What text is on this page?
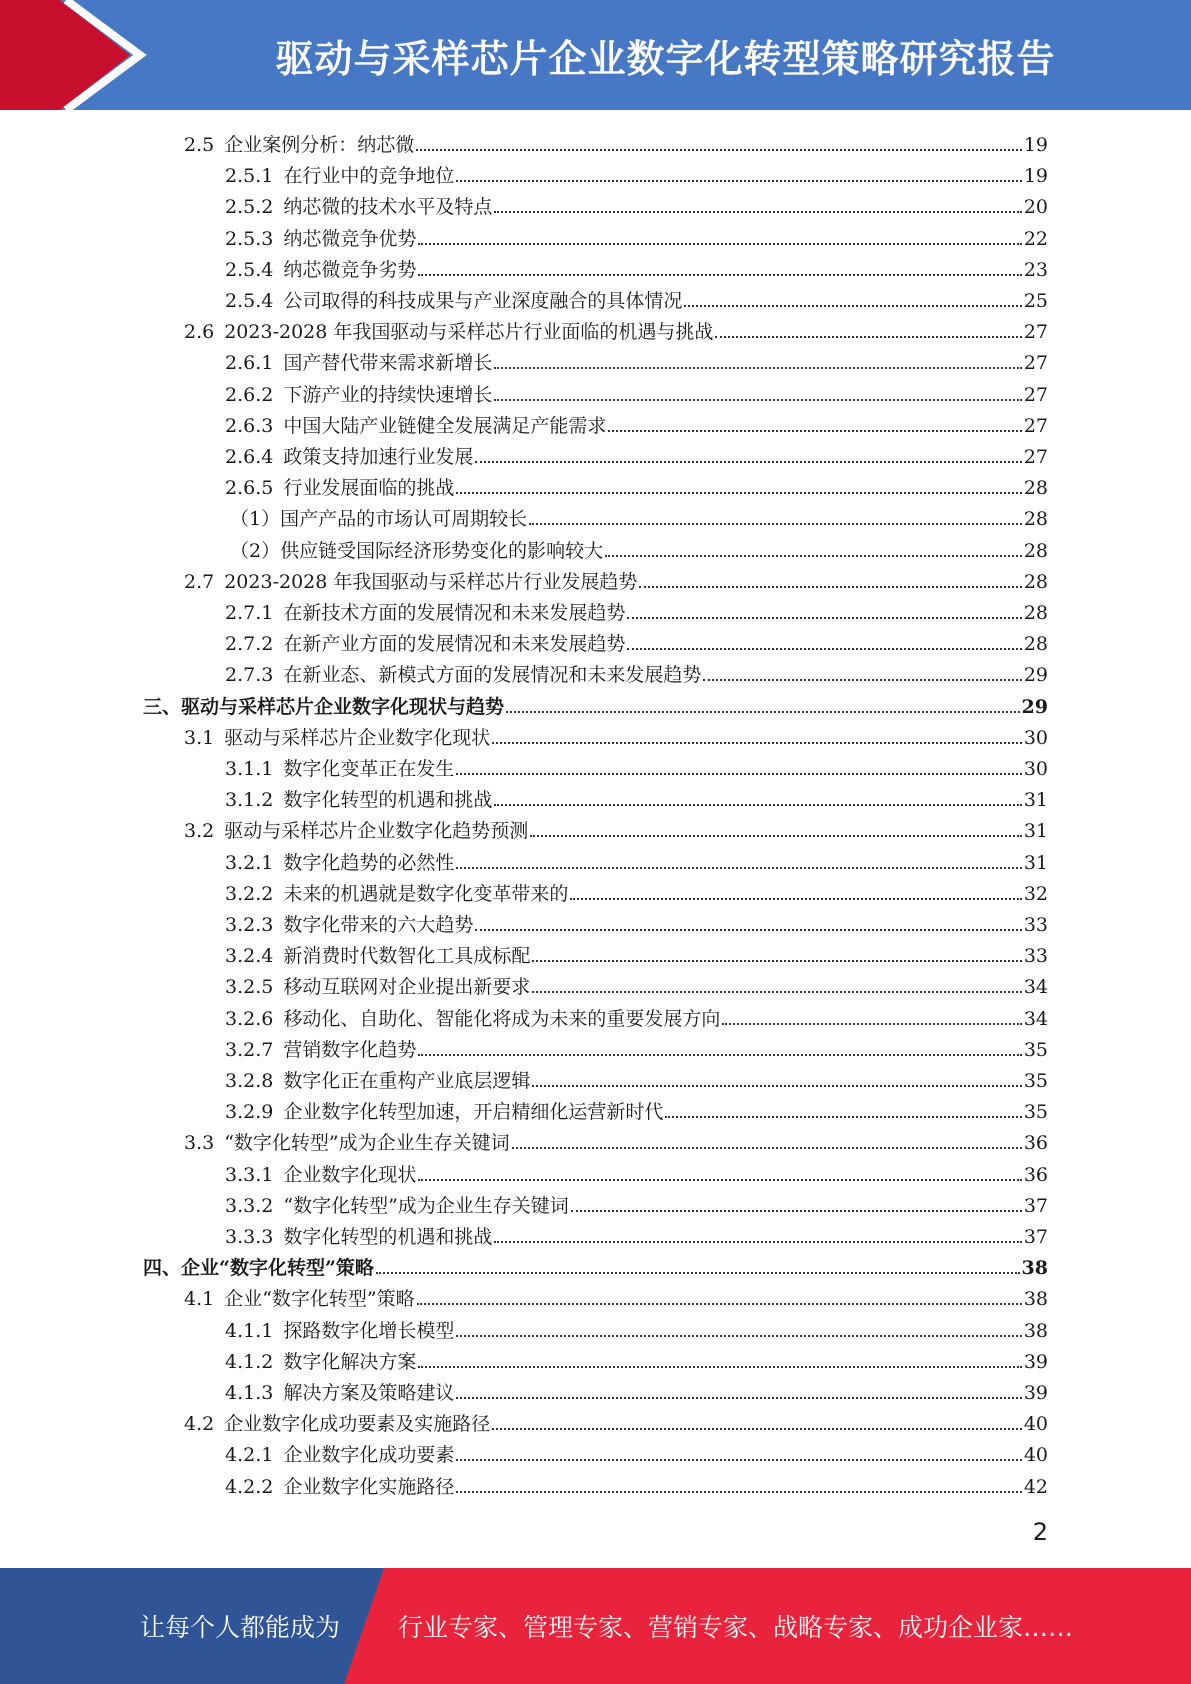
驱动与采样芯片企业数字化转型策略研究报告
2.5 企业案例分析：纳芯微	19
2.5.1 在行业中的竞争地位	19
2.5.2 纳芯微的技术水平及特点	20
2.5.3 纳芯微竞争优势	22
2.5.4 纳芯微竞争劣势	23
2.5.4 公司取得的科技成果与产业深度融合的具体情况	25
2.6 2023-2028 年我国驱动与采样芯片行业面临的机遇与挑战	27
2.6.1 国产替代带来需求新增长	27
2.6.2 下游产业的持续快速增长	27
2.6.3 中国大陆产业链健全发展满足产能需求	27
2.6.4 政策支持加速行业发展	27
2.6.5 行业发展面临的挑战	28
（1） 国产产品的市场认可周期较长	28
（2） 供应链受国际经济形势变化的影响较大	28
2.7 2023-2028 年我国驱动与采样芯片行业发展趋势	28
2.7.1 在新技术方面的发展情况和未来发展趋势	28
2.7.2 在新产业方面的发展情况和未来发展趋势	28
2.7.3 在新业态、新模式方面的发展情况和未来发展趋势	29
三、 驱动与采样芯片企业数字化现状与趋势	29
3.1 驱动与采样芯片企业数字化现状	30
3.1.1 数字化变革正在发生	30
3.1.2 数字化转型的机遇和挑战	31
3.2 驱动与采样芯片企业数字化趋势预测	31
3.2.1 数字化趋势的必然性	31
3.2.2 未来的机遇就是数字化变革带来的	32
3.2.3 数字化带来的六大趋势	33
3.2.4 新消费时代数智化工具成标配	33
3.2.5 移动互联网对企业提出新要求	34
3.2.6 移动化、自助化、智能化将成为未来的重要发展方向	34
3.2.7 营销数字化趋势	35
3.2.8 数字化正在重构产业底层逻辑	35
3.2.9 企业数字化转型加速，开启精细化运营新时代	35
3.3 “数字化转型”成为企业生存关键词	36
3.3.1 企业数字化现状	36
3.3.2 “数字化转型”成为企业生存关键词	37
3.3.3 数字化转型的机遇和挑战	37
四、 企业“数字化转型”策略	38
4.1 企业“数字化转型”策略	38
4.1.1 探路数字化增长模型	38
4.1.2 数字化解决方案	39
4.1.3 解决方案及策略建议	39
4.2 企业数字化成功要素及实施路径	40
4.2.1 企业数字化成功要素	40
4.2.2 企业数字化实施路径	42
2
让每个人都能成为 行业专家、管理专家、营销专家、战略专家、成功企业家……
